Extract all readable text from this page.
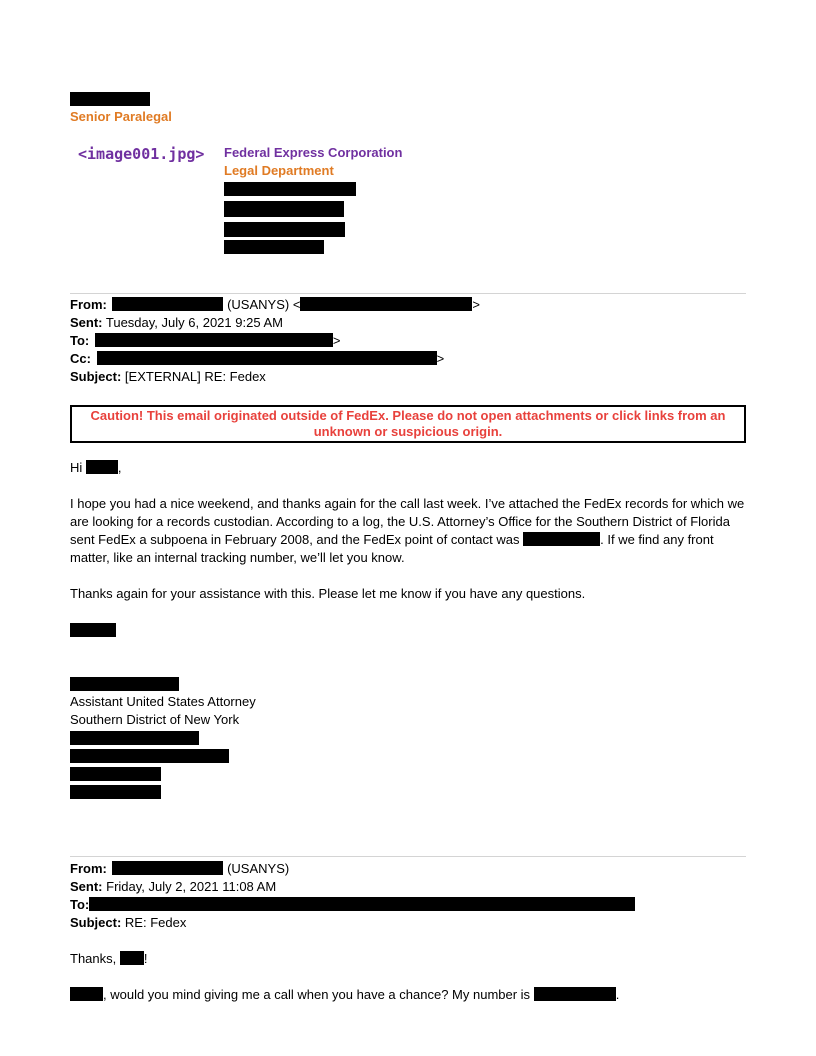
Senior Paralegal
<image001.jpg> Federal Express Corporation
Legal Department
From:	(USANYS) <	>
Sent: Tuesday, July 6, 2021 9:25 AM
To:	>
Cc:	>
Subject: [EXTERNAL] RE: Fedex
Caution! This email originated outside of FedEx. Please do not open attachments or click links from an
unknown or suspicious origin.
Hi	,
I hope you had a nice weekend, and thanks again for the call last week. I’ve attached the FedEx records for which we are looking for a records custodian. According to a log, the U.S. Attorney’s Office for the Southern District of Florida sent FedEx a subpoena in February 2008, and the FedEx point of contact was	. If we find any front matter, like an internal tracking number, we’ll let you know.
Thanks again for your assistance with this. Please let me know if you have any questions.
Assistant United States Attorney
Southern District of New York
From:	(USANYS)
Sent: Friday, July 2, 2021 11:08 AM
To:
Subject: RE: Fedex
Thanks, !
, would you mind giving me a call when you have a chance? My number is	.
